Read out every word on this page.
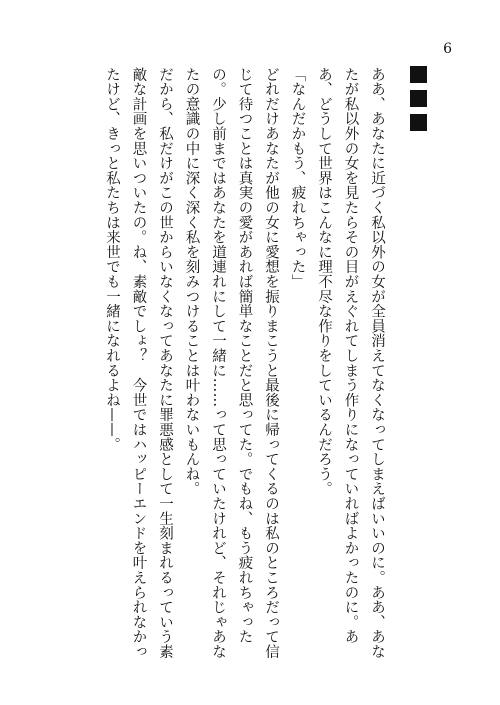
6

ああ、あなたに近づく私以外の女が全員消えてなくなってしまえばいいのに。ああ、あなたが私以外の女を見たらその目がえぐれてしまう作りになっていればよかったのに。ああ、どうして世界はこんなに理不尽な作りをしているんだろう。

「なんだかもう、疲れちゃった」

どれだけあなたが他の女に愛想を振りまこうと最後に帰ってくるのは私のところだって信じて待つことは真実の愛があれば簡単なことだと思ってた。でもね、もう疲れちゃったの。少し前まではあなたを道連れにして一緒に……って思っていたけれど、それじゃあなたの意識の中に深く深く私を刻みつけることは叶わないもんね。

だから、私だけがこの世からいなくなってあなたに罪悪感として一生刻まれるっていう素敵な計画を思いついたの。ね、素敵でしょ？　今世ではハッピーエンドを叶えられなかったけど、きっと私たちは来世でも一緒になれるよね——。
